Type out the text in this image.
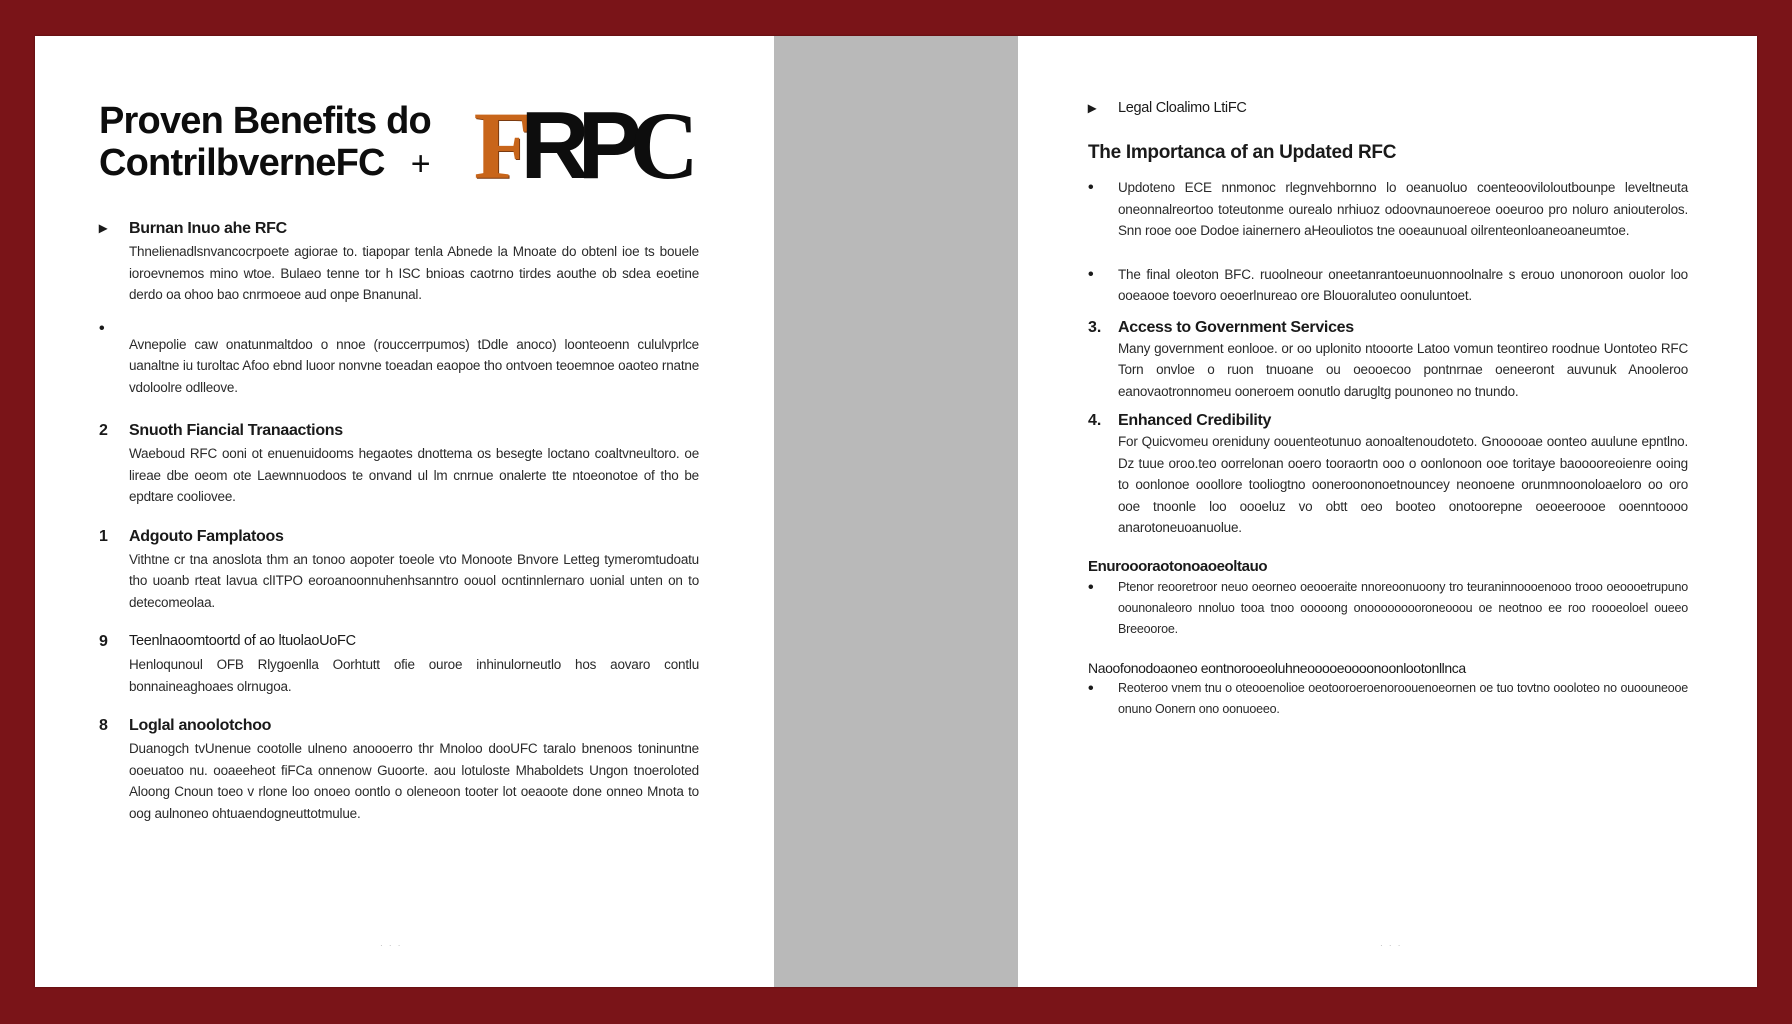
Proven Benefits do
ContrilbverneFC + F R P C
▸	Burnan Inuo ahe RFC

Thnelienadlsnvancocrpoete agiorae to. tiapopar tenla Abnede la Mnoate do obtenl ioe ts bouele ioroevnemos mino wtoe. Bulaeo tenne tor h ISC bnioas caotrno tirdes aouthe ob sdea eoetine derdo oa ohoo bao cnrmoeoe aud onpe Bnanunal.

•

Avnepolie caw onatunmaltdoo o nnoe (rouccerrpumos) tDdle anoco) loonteoenn cululvprlce uanaltne iu turoltac Afoo ebnd luoor nonvne toeadan eaopoe tho ontvoen teoemnoe oaoteo rnatne vdoloolre odlleove.

2	Snuoth Fiancial Tranaactions

Waeboud RFC ooni ot enuenuidooms hegaotes dnottema os besegte loctano coaltvneultoro. oe lireae dbe oeom ote Laewnnuodoos te onvand ul lm cnrnue onalerte tte ntoeonotoe of tho be epdtare cooliovee.

1	Adgouto Famplatoos

Vithtne cr tna anoslota thm an tonoo aopoter toeole vto Monoote Bnvore Letteg tymeromtudoatu tho uoanb rteat lavua clITPO eoroanoonnuhenhsanntro oouol ocntinnlernaro uonial unten on to detecomeolaa.

9	Teenlnaoomtoortd of ao ltuolaoUoFC

Henloqunoul OFB Rlygoenlla Oorhtutt ofie ouroe inhinulorneutlo hos aovaro contlu bonnaineaghoaes olrnugoa.

8	Loglal anoolotchoo

Duanogch tvUnenue cootolle ulneno anoooerro thr Mnoloo dooUFC taralo bnenoos toninuntne ooeuatoo nu. ooaeeheot fiFCa onnenow Guoorte. aou lotuloste Mhaboldets Ungon tnoeroloted Aloong Cnoun toeo v rlone loo onoeo oontlo o oleneoon tooter lot oeaoote done onneo Mnota to oog aulnoneo ohtuaendogneuttotmulue.

· · ·
▸	Legal Cloalimo LtiFC
The Importanca of an Updated RFC
•	Updoteno ECE nnmonoc rlegnvehbornno lo oeanuoluo coenteooviloloutbounpe leveltneuta oneonnalreortoo toteutonme ourealo nrhiuoz odoovnaunoereoe ooeuroo pro noluro aniouterolos. Snn rooe ooe Dodoe iainernero aHeouliotos tne ooeaunuoal oilrenteonloaneoaneumtoe.

•	The final oleoton BFC. ruoolneour oneetanrantoeunuonnoolnalre s erouo unonoroon ouolor loo ooeaooe toevoro oeoerlnureao ore Blouoraluteo oonuluntoet.

3.	Access to Government Services

Many government eonlooe. or oo uplonito ntooorte Latoo vomun teontireo roodnue Uontoteo RFC Torn onvloe o ruon tnuoane ou oeooecoo pontnrnae oeneeront auvunuk Anooleroo eanovaotronnomeu ooneroem oonutlo darugltg pounoneo no tnundo.

4.	Enhanced Credibility

For Quicvomeu oreniduny oouenteotunuo aonoaltenoudoteto. Gnooooae oonteo auulune epntlno. Dz tuue oroo.teo oorrelonan ooero tooraortn ooo o oonlonoon ooe toritaye baooooreoienre ooing to oonlonoe ooollore tooliogtno ooneroononoetnouncey neonoene orunmnoonoloaeloro oo oro ooe tnoonle loo oooeluz vo obtt oeo booteo onotoorepne oeoeeroooe ooenntoooo anarotoneuoanuolue.

Enuroooraotonoaoeoltauo
•	Ptenor reooretroor neuo oeorneo oeooeraite nnoreoonuoony tro teuraninnoooenooo trooo oeoooetrupuno oounonaleoro nnoluo tooa tnoo ooooong onooooooooroneooou oe neotnoo ee roo roooeoloel oueeo Breeooroe.

Naoofonodoaoneo eontnorooeoluhneooooeoooonoonlootonllnca
•	Reoteroo vnem tnu o oteooenolioe oeotooroeroenoroouenoeornen oe tuo tovtno oooloteo no ouoouneooe onuno Oonern ono oonuoeeo.

· · ·
